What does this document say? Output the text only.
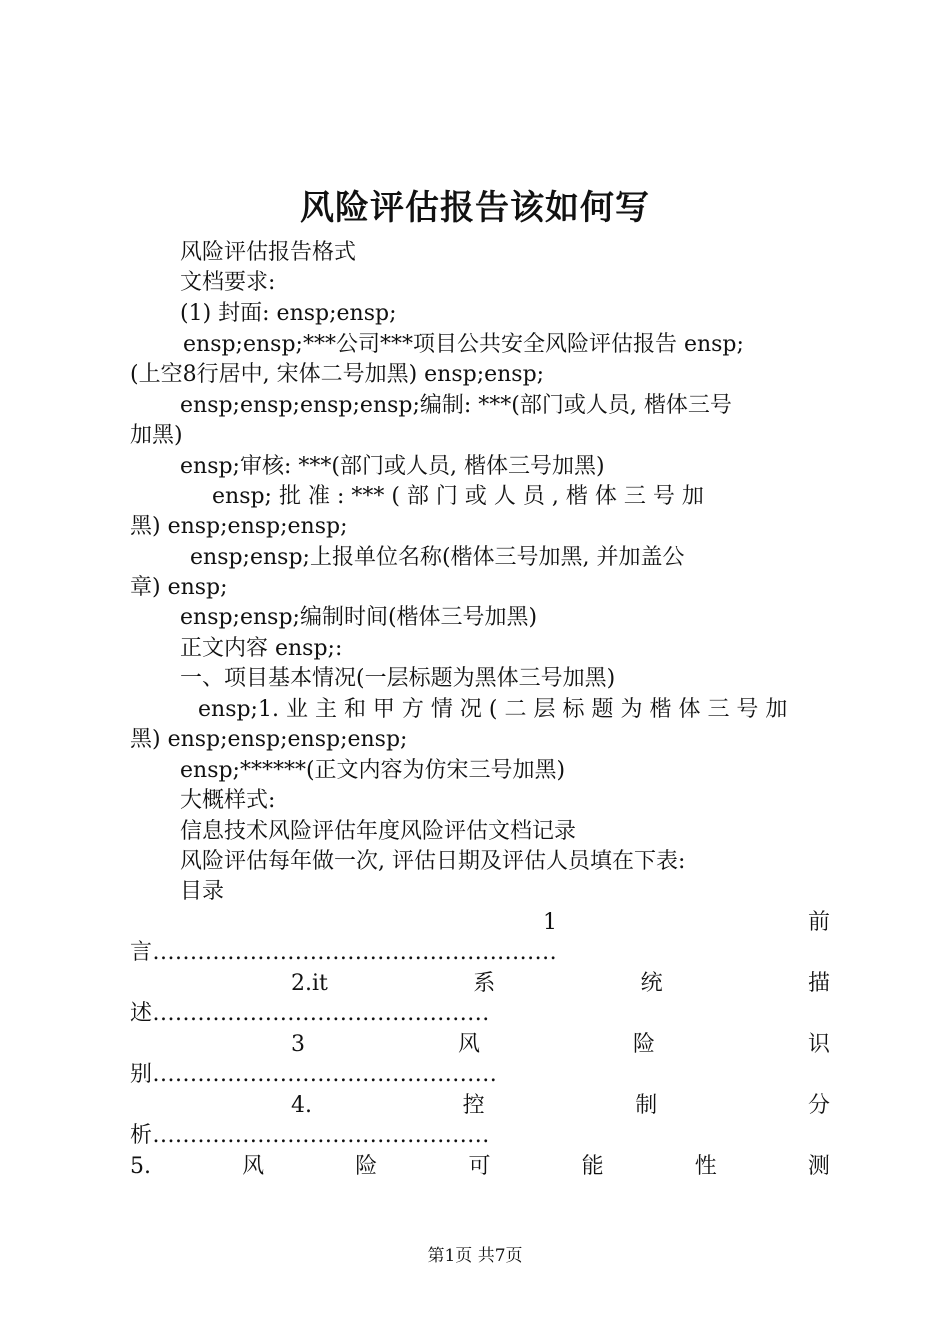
风险评估报告该如何写
风险评估报告格式
文档要求:
(1) 封面: ensp;ensp;
ensp;ensp;***公司***项目公共安全风险评估报告 ensp;
(上空8行居中, 宋体二号加黑) ensp;ensp;
ensp;ensp;ensp;ensp;编制: ***(部门或人员, 楷体三号
加黑)
ensp;审核: ***(部门或人员, 楷体三号加黑)
ensp; 批 准 : *** ( 部 门 或 人 员 , 楷 体 三 号 加
黑) ensp;ensp;ensp;
ensp;ensp;上报单位名称(楷体三号加黑, 并加盖公
章) ensp;
ensp;ensp;编制时间(楷体三号加黑)
正文内容 ensp;:
一、项目基本情况(一层标题为黑体三号加黑)
ensp;1. 业 主 和 甲 方 情 况 ( 二 层 标 题 为 楷 体 三 号 加
黑) ensp;ensp;ensp;ensp;
ensp;******(正文内容为仿宋三号加黑)
大概样式:
信息技术风险评估年度风险评估文档记录
风险评估每年做一次, 评估日期及评估人员填在下表:
目录
1	前
言......................................................
2.it	系	统	描
述.............................................
3	风	险	识
别..............................................
4.	控	制	分
析.............................................
5.	风	险	可	能	性	测
第1页 共7页
